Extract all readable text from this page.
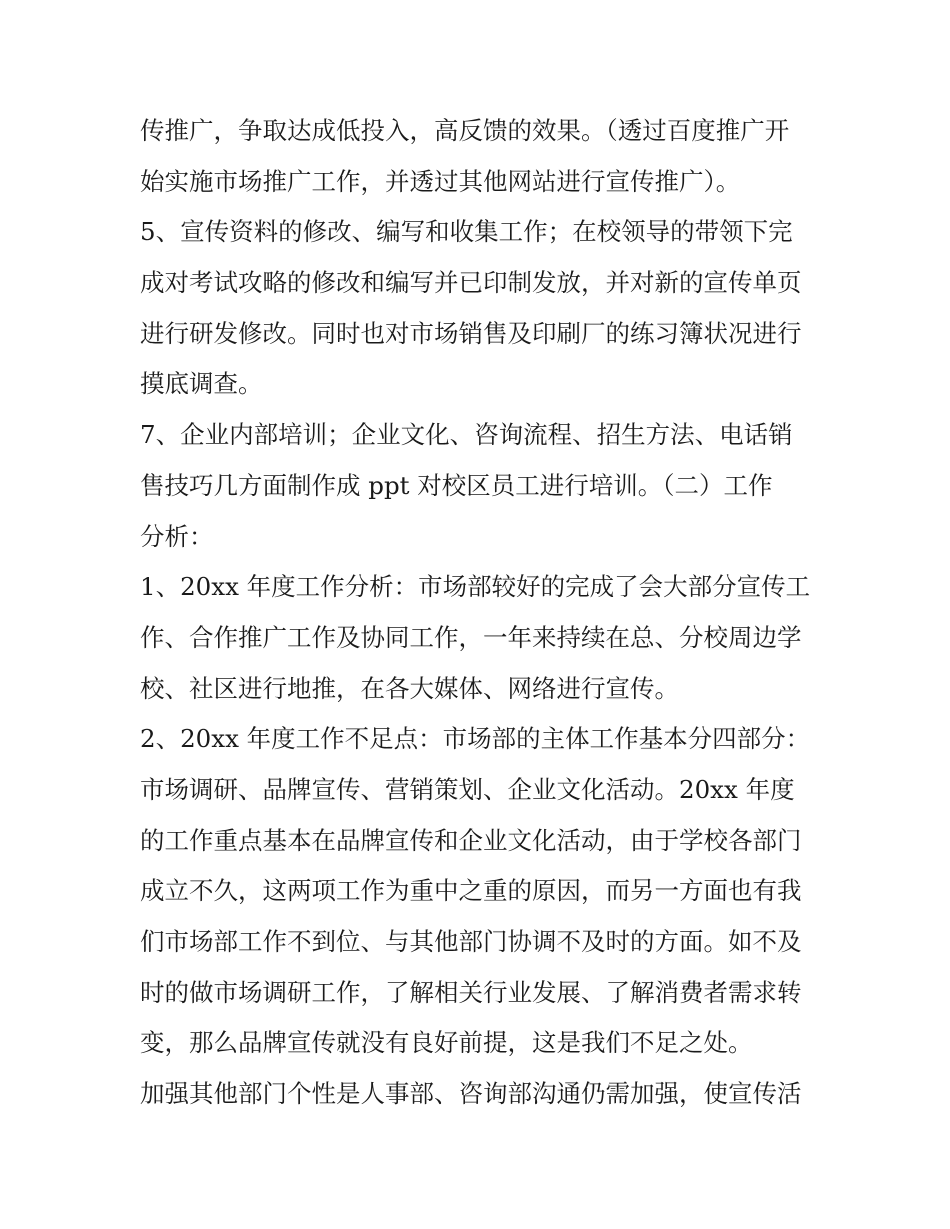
传推广，争取达成低投入，高反馈的效果。（透过百度推广开
始实施市场推广工作，并透过其他网站进行宣传推广）。

5、宣传资料的修改、编写和收集工作；在校领导的带领下完
成对考试攻略的修改和编写并已印制发放，并对新的宣传单页
进行研发修改。同时也对市场销售及印刷厂的练习簿状况进行
摸底调查。

7、企业内部培训；企业文化、咨询流程、招生方法、电话销
售技巧几方面制作成 ppt 对校区员工进行培训。（二）工作
分析：

1、20xx 年度工作分析：市场部较好的完成了会大部分宣传工
作、合作推广工作及协同工作，一年来持续在总、分校周边学
校、社区进行地推，在各大媒体、网络进行宣传。

2、20xx 年度工作不足点：市场部的主体工作基本分四部分：
市场调研、品牌宣传、营销策划、企业文化活动。20xx 年度
的工作重点基本在品牌宣传和企业文化活动，由于学校各部门
成立不久，这两项工作为重中之重的原因，而另一方面也有我
们市场部工作不到位、与其他部门协调不及时的方面。如不及
时的做市场调研工作，了解相关行业发展、了解消费者需求转
变，那么品牌宣传就没有良好前提，这是我们不足之处。

加强其他部门个性是人事部、咨询部沟通仍需加强，使宣传活
